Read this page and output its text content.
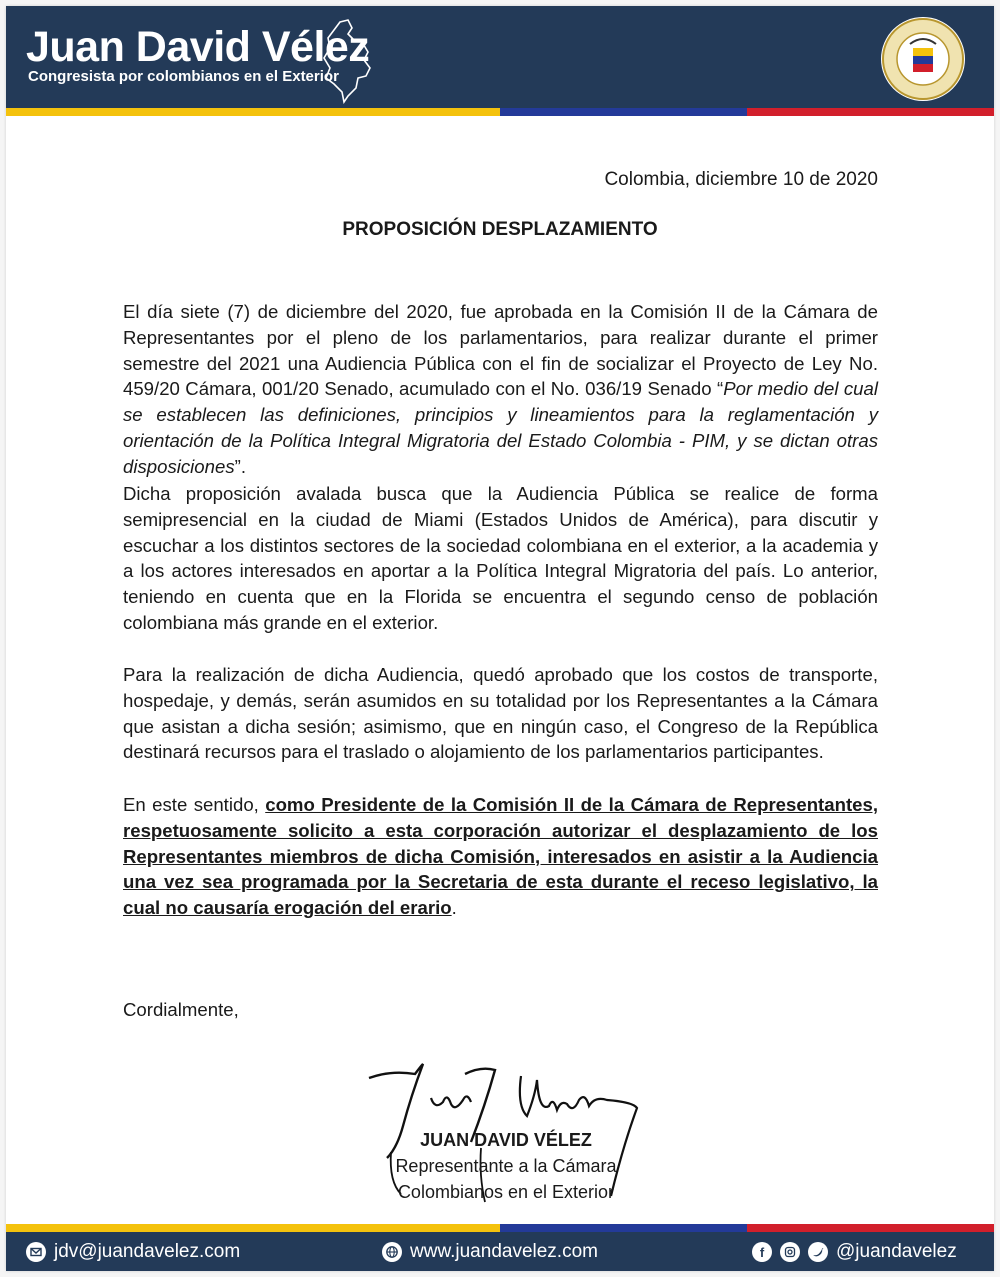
Juan David Vélez
Congresista por colombianos en el Exterior
Colombia, diciembre 10 de 2020
PROPOSICIÓN DESPLAZAMIENTO
El día siete (7) de diciembre del 2020, fue aprobada en la Comisión II de la Cámara de Representantes por el pleno de los parlamentarios, para realizar durante el primer semestre del 2021 una Audiencia Pública con el fin de socializar el Proyecto de Ley No. 459/20 Cámara, 001/20 Senado, acumulado con el No. 036/19 Senado “Por medio del cual se establecen las definiciones, principios y lineamientos para la reglamentación y orientación de la Política Integral Migratoria del Estado Colombia - PIM, y se dictan otras disposiciones”.
Dicha proposición avalada busca que la Audiencia Pública se realice de forma semipresencial en la ciudad de Miami (Estados Unidos de América), para discutir y escuchar a los distintos sectores de la sociedad colombiana en el exterior, a la academia y a los actores interesados en aportar a la Política Integral Migratoria del país. Lo anterior, teniendo en cuenta que en la Florida se encuentra el segundo censo de población colombiana más grande en el exterior.
Para la realización de dicha Audiencia, quedó aprobado que los costos de transporte, hospedaje, y demás, serán asumidos en su totalidad por los Representantes a la Cámara que asistan a dicha sesión; asimismo, que en ningún caso, el Congreso de la República destinará recursos para el traslado o alojamiento de los parlamentarios participantes.
En este sentido, como Presidente de la Comisión II de la Cámara de Representantes, respetuosamente solicito a esta corporación autorizar el desplazamiento de los Representantes miembros de dicha Comisión, interesados en asistir a la Audiencia una vez sea programada por la Secretaria de esta durante el receso legislativo, la cual no causaría erogación del erario.
Cordialmente,
JUAN DAVID VÉLEZ
Representante a la Cámara
Colombianos en el Exterior
jdv@juandavelez.com	www.juandavelez.com	f	@juandavelez
